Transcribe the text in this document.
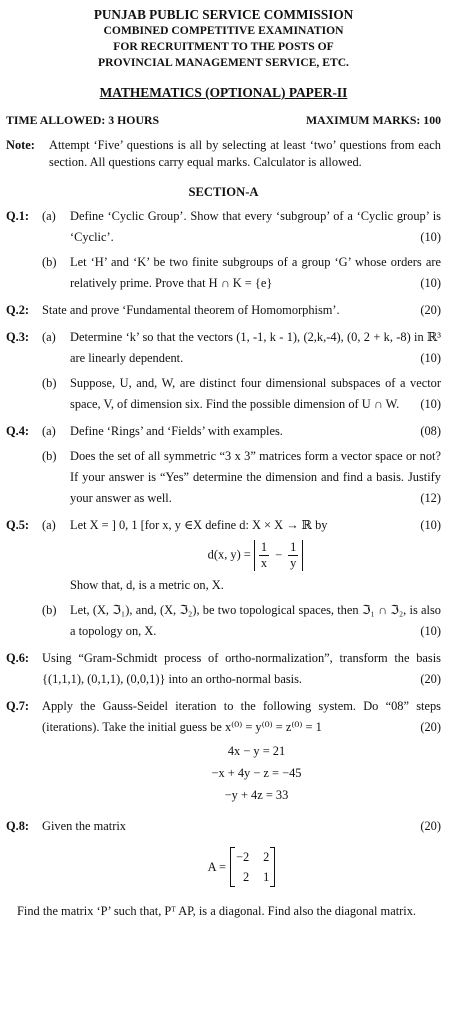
PUNJAB PUBLIC SERVICE COMMISSION
COMBINED COMPETITIVE EXAMINATION
FOR RECRUITMENT TO THE POSTS OF
PROVINCIAL MANAGEMENT SERVICE, ETC.
MATHEMATICS (OPTIONAL) PAPER-II
TIME ALLOWED: 3 HOURS	MAXIMUM MARKS: 100
Note:	Attempt ‘Five’ questions is all by selecting at least ‘two’ questions from each section. All questions carry equal marks. Calculator is allowed.
SECTION-A
Q.1:	(a)	Define ‘Cyclic Group’. Show that every ‘subgroup’ of a ‘Cyclic group’ is ‘Cyclic’.	(10)
(b)	Let ‘H’ and ‘K’ be two finite subgroups of a group ‘G’ whose orders are relatively prime. Prove that H ∩ K = {e}	(10)
Q.2:	State and prove ‘Fundamental theorem of Homomorphism’.	(20)
Q.3:	(a)	Determine ‘k’ so that the vectors (1, -1, k - 1), (2,k,-4), (0, 2 + k, -8) in ℝ³ are linearly dependent.	(10)
(b)	Suppose, U, and, W, are distinct four dimensional subspaces of a vector space, V, of dimension six. Find the possible dimension of U ∩ W.	(10)
Q.4:	(a)	Define ‘Rings’ and ‘Fields’ with examples.	(08)
(b)	Does the set of all symmetric “3 x 3” matrices form a vector space or not? If your answer is “Yes” determine the dimension and find a basis. Justify your answer as well.	(12)
Q.5:	(a)	Let X = ] 0, 1 [for x, y ∈X define d: X × X → ℝ by	(10)
d(x, $y) = \frac{1}{x} - \frac{1}{y}$
Show that, d, is a metric on, X.
(b)	Let, (X, ℑ₁), and, (X, ℑ₂), be two topological spaces, then ℑ₁ ∩ ℑ₂, is also a topology on, X.	(10)
Q.6:	Using “Gram-Schmidt process of ortho-normalization”, transform the basis {(1,1,1), (0,1,1), (0,0,1)} into an ortho-normal basis.	(20)
Q.7:	Apply the Gauss-Seidel iteration to the following system. Do “08” steps (iterations). Take the initial guess be x⁽⁰⁾ = y⁽⁰⁾ = z⁽⁰⁾ = 1	(20)
4x − y = 21
−x + 4y − z = −45
−y + 4z = 33
Q.8:	Given the matrix	(20)
A =
−2 2
2 1
Find the matrix ‘P’ such that, Pᵀ AP, is a diagonal. Find also the diagonal matrix.
